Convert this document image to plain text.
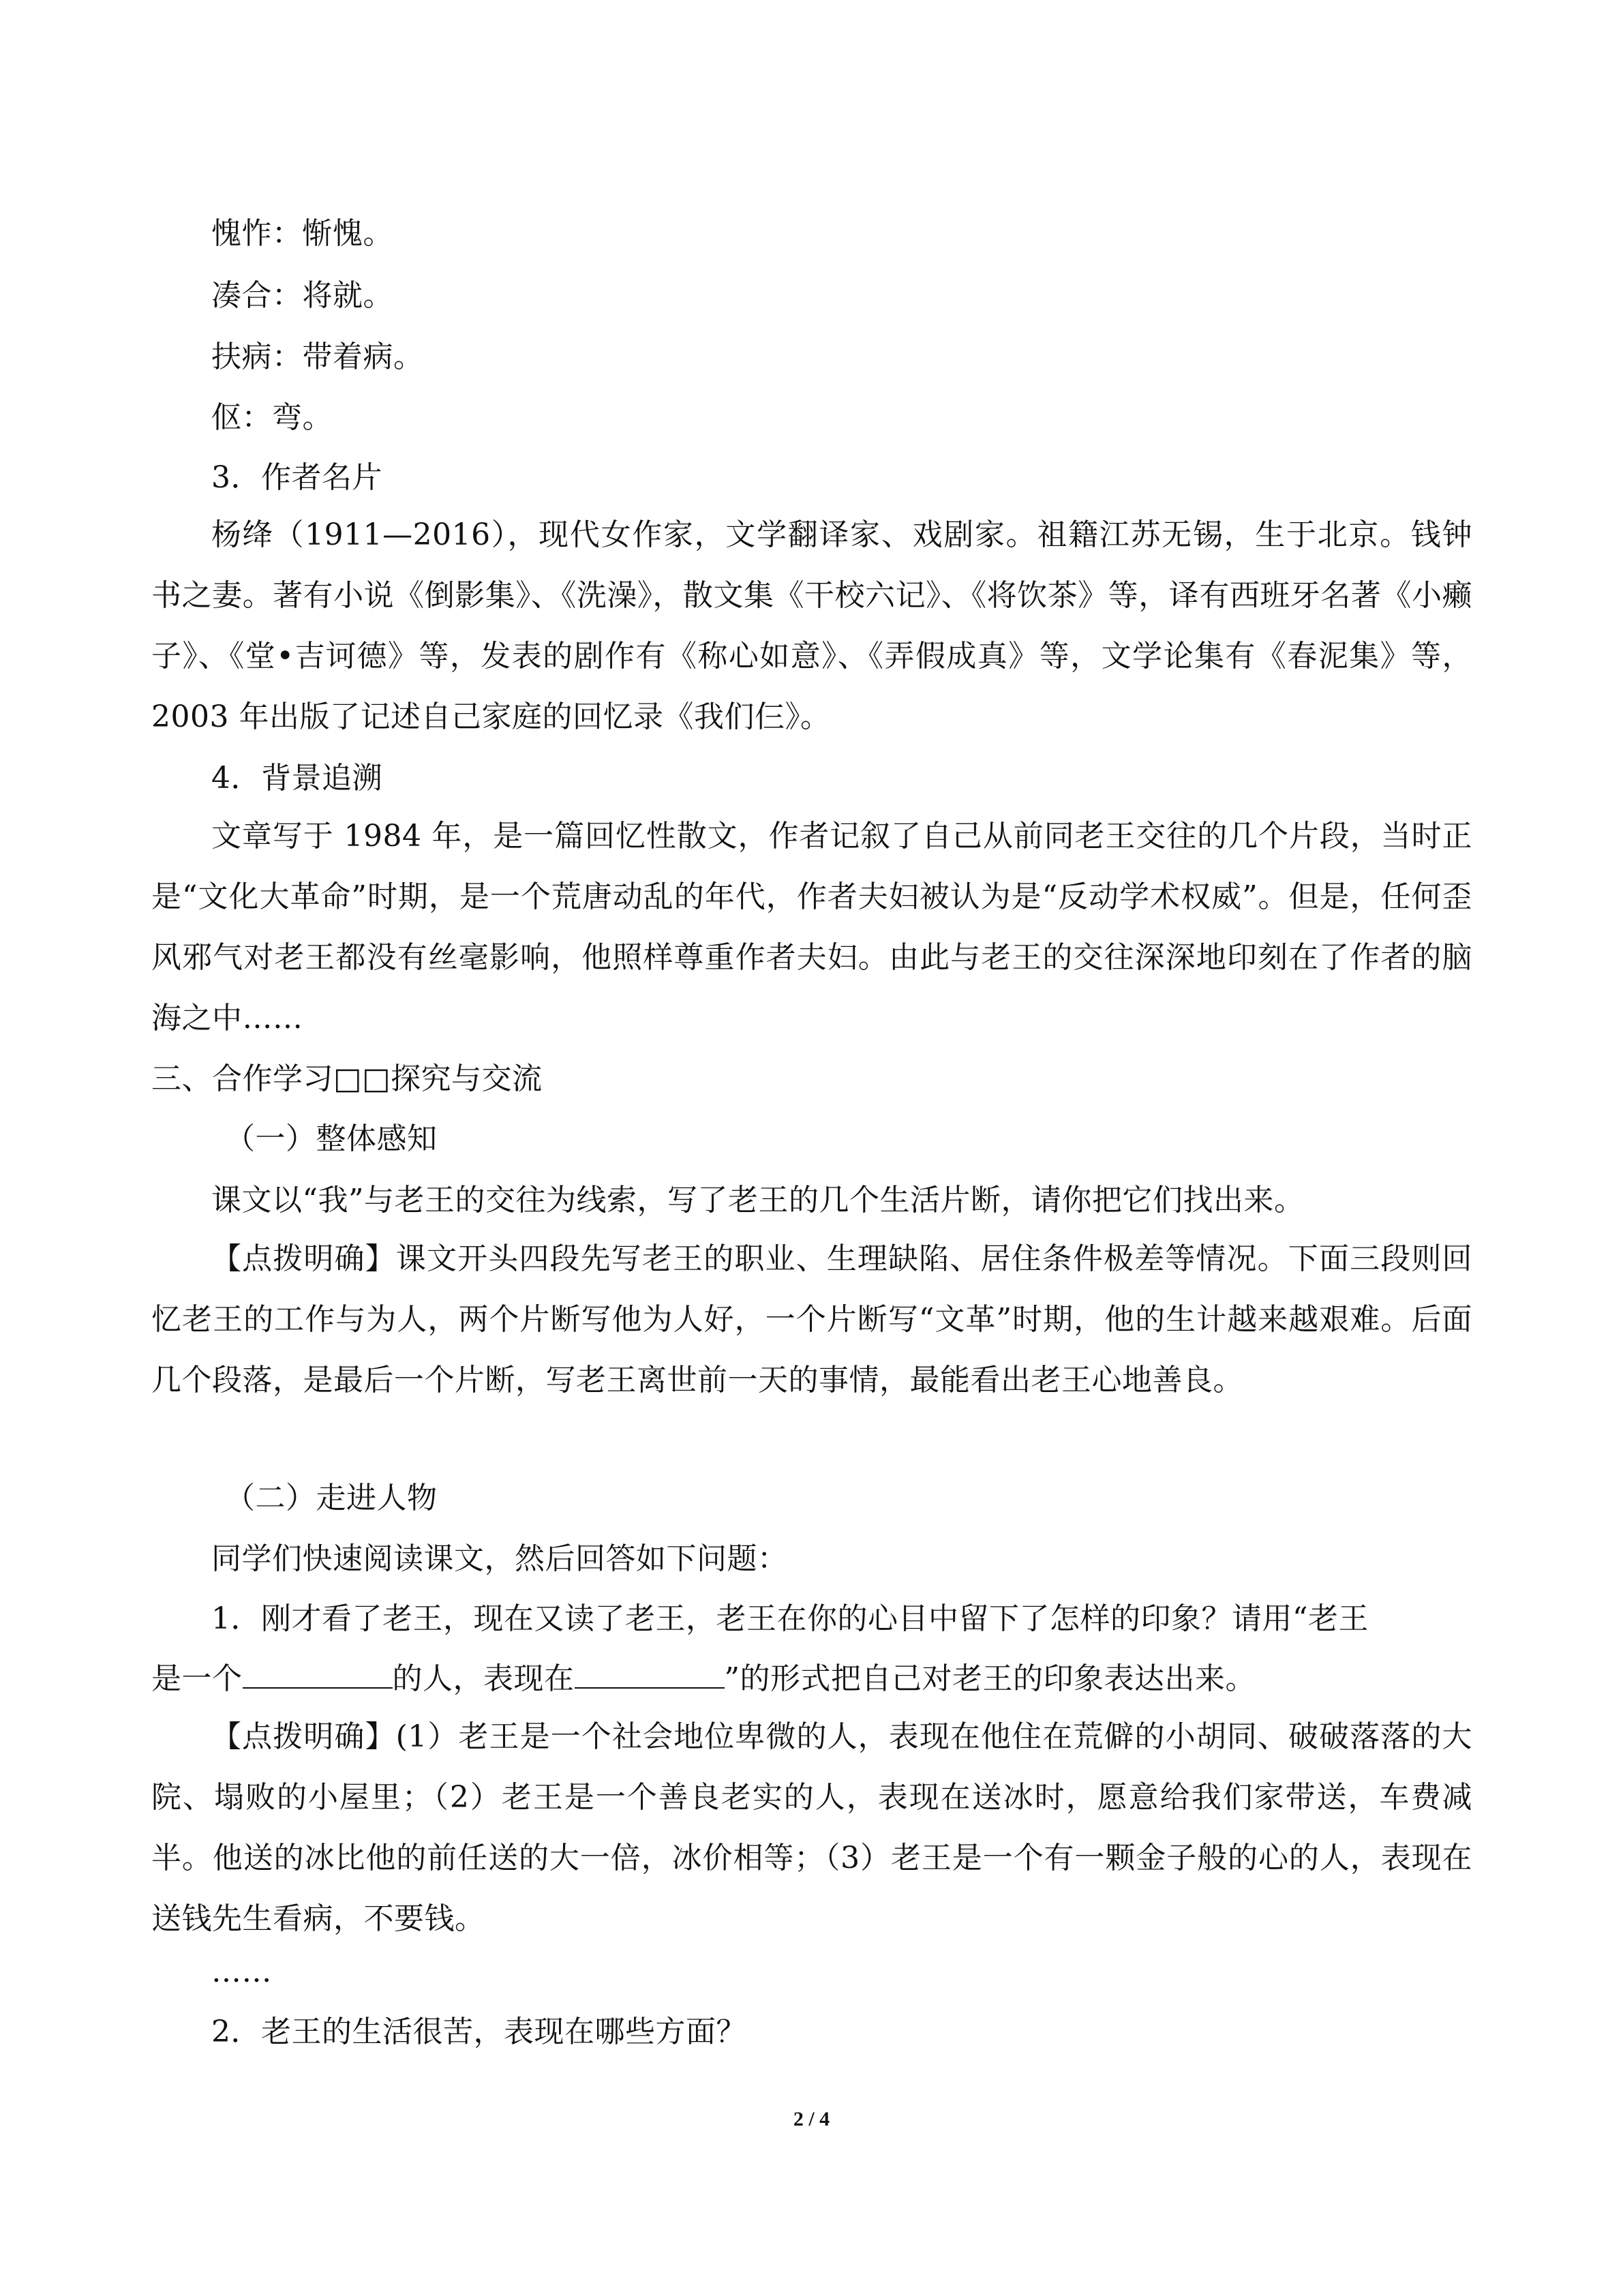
愧怍：惭愧。
凑合：将就。
扶病：带着病。
伛：弯。
3．作者名片
杨绛（1911—2016），现代女作家，文学翻译家、戏剧家。祖籍江苏无锡，生于北京。钱钟书之妻。著有小说《倒影集》、《洗澡》，散文集《干校六记》、《将饮茶》等，译有西班牙名著《小癞子》、《堂•吉诃德》等，发表的剧作有《称心如意》、《弄假成真》等，文学论集有《春泥集》等，2003 年出版了记述自己家庭的回忆录《我们仨》。
4．背景追溯
文章写于 1984 年，是一篇回忆性散文，作者记叙了自己从前同老王交往的几个片段，当时正是“文化大革命”时期，是一个荒唐动乱的年代，作者夫妇被认为是“反动学术权威”。但是，任何歪风邪气对老王都没有丝毫影响，他照样尊重作者夫妇。由此与老王的交往深深地印刻在了作者的脑海之中……
三、合作学习□□探究与交流
（一）整体感知
课文以“我”与老王的交往为线索，写了老王的几个生活片断，请你把它们找出来。
【点拨明确】课文开头四段先写老王的职业、生理缺陷、居住条件极差等情况。下面三段则回忆老王的工作与为人，两个片断写他为人好，一个片断写“文革”时期，他的生计越来越艰难。后面几个段落，是最后一个片断，写老王离世前一天的事情，最能看出老王心地善良。
（二）走进人物
同学们快速阅读课文，然后回答如下问题：
1．刚才看了老王，现在又读了老王，老王在你的心目中留下了怎样的印象？请用“老王
是一个	的人，表现在	”的形式把自己对老王的印象表达出来。
【点拨明确】(1）老王是一个社会地位卑微的人，表现在他住在荒僻的小胡同、破破落落的大院、塌败的小屋里；（2）老王是一个善良老实的人，表现在送冰时，愿意给我们家带送，车费减半。他送的冰比他的前任送的大一倍，冰价相等；（3）老王是一个有一颗金子般的心的人，表现在送钱先生看病，不要钱。
……
2．老王的生活很苦，表现在哪些方面？
2 / 4
